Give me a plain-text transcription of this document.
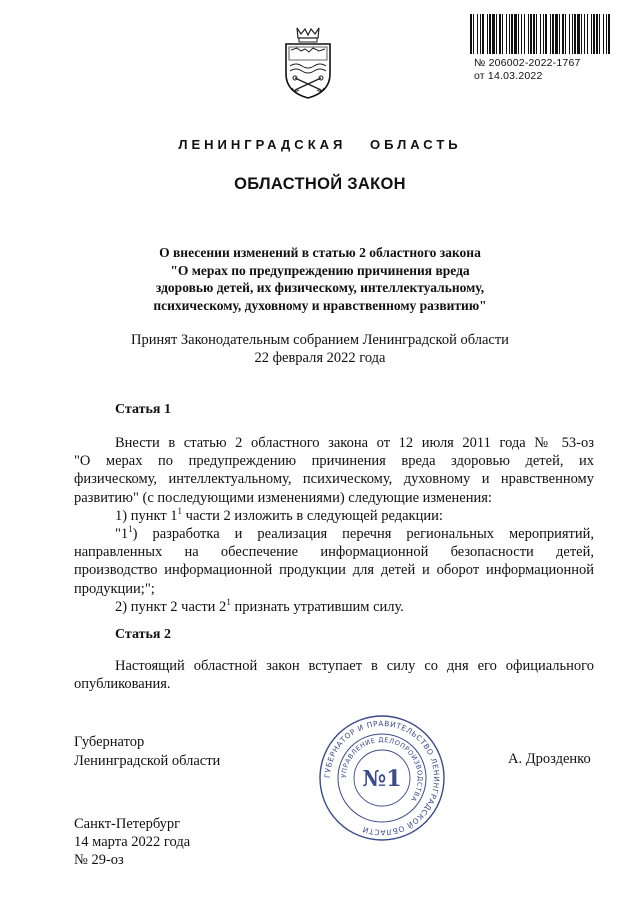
№ 206002-2022-1767
от 14.03.2022
ЛЕНИНГРАДСКАЯ ОБЛАСТЬ
ОБЛАСТНОЙ ЗАКОН
О внесении изменений в статью 2 областного закона
"О мерах по предупреждению причинения вреда
здоровью детей, их физическому, интеллектуальному,
психическому, духовному и нравственному развитию"
Принят Законодательным собранием Ленинградской области
22 февраля 2022 года
Статья 1
Внести в статью 2 областного закона от 12 июля 2011 года № 53-оз
"О мерах по предупреждению причинения вреда здоровью детей, их
физическому, интеллектуальному, психическому, духовному и нравственному
развитию" (с последующими изменениями) следующие изменения:
1) пункт $1^1$ части 2 изложить в следующей редакции:
"$1^1$) разработка и реализация перечня региональных мероприятий,
направленных на обеспечение информационной безопасности детей,
производство информационной продукции для детей и оборот информационной
продукции;";
2) пункт 2 части $2^1$ признать утратившим силу.
Статья 2
Настоящий областной закон вступает в силу со дня его официального
опубликования.
Губернатор
Ленинградской области	А. Дрозденко
ГУБЕРНАТОР И ПРАВИТЕЛЬСТВО ЛЕНИНГРАДСКОЙ ОБЛАСТИ
УПРАВЛЕНИЕ ДЕЛОПРОИЗВОДСТВА
№1
Санкт-Петербург
14 марта 2022 года
№ 29-оз
